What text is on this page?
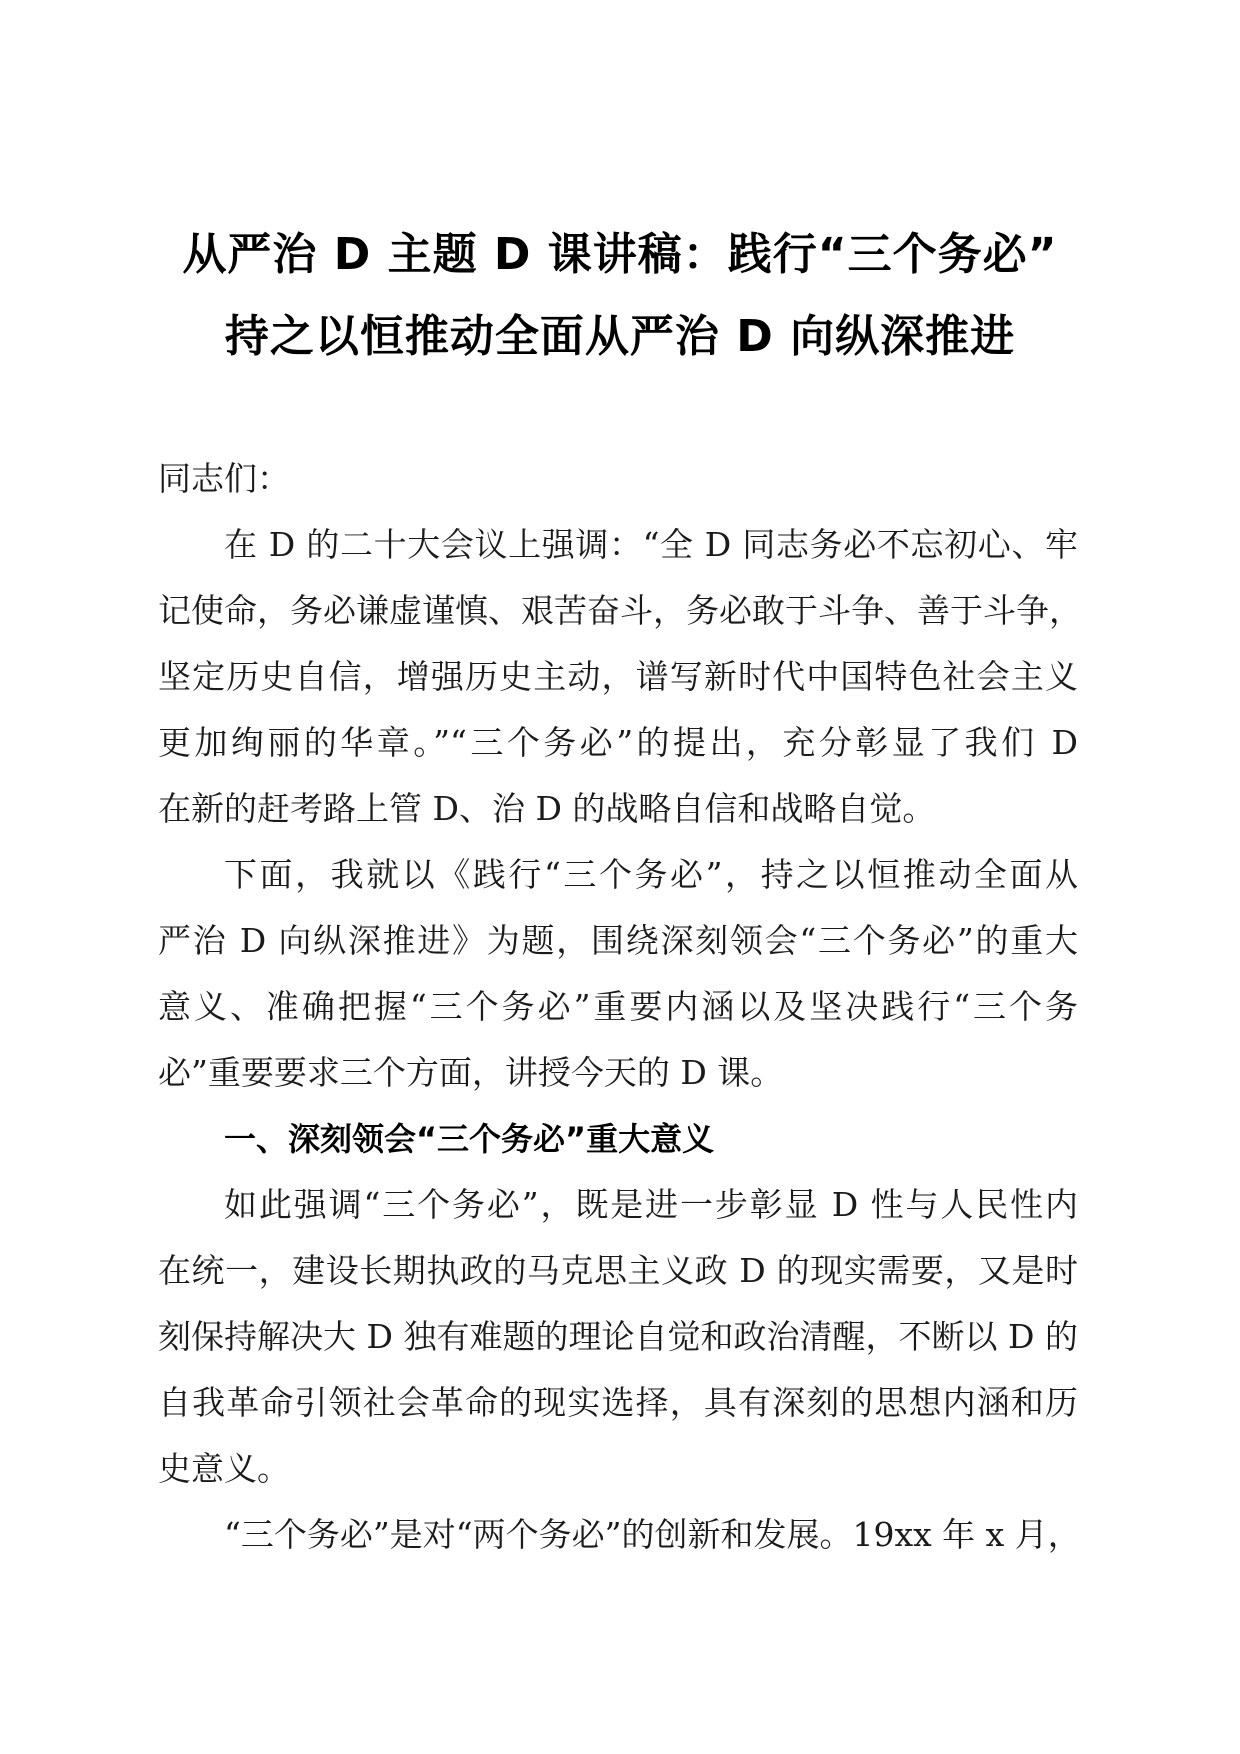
从严治 D 主题 D 课讲稿：践行“三个务必”
持之以恒推动全面从严治 D 向纵深推进
同志们：
在 D 的二十大会议上强调：“全 D 同志务必不忘初心、牢
记使命，务必谦虚谨慎、艰苦奋斗，务必敢于斗争、善于斗争，
坚定历史自信，增强历史主动，谱写新时代中国特色社会主义
更加绚丽的华章。”“三个务必”的提出，充分彰显了我们 D
在新的赶考路上管 D、治 D 的战略自信和战略自觉。
下面，我就以《践行“三个务必”，持之以恒推动全面从
严治 D 向纵深推进》为题，围绕深刻领会“三个务必”的重大
意义、准确把握“三个务必”重要内涵以及坚决践行“三个务
必”重要要求三个方面，讲授今天的 D 课。
一、深刻领会“三个务必”重大意义
如此强调“三个务必”，既是进一步彰显 D 性与人民性内
在统一，建设长期执政的马克思主义政 D 的现实需要，又是时
刻保持解决大 D 独有难题的理论自觉和政治清醒，不断以 D 的
自我革命引领社会革命的现实选择，具有深刻的思想内涵和历
史意义。
“三个务必”是对“两个务必”的创新和发展。19xx 年 x 月，
